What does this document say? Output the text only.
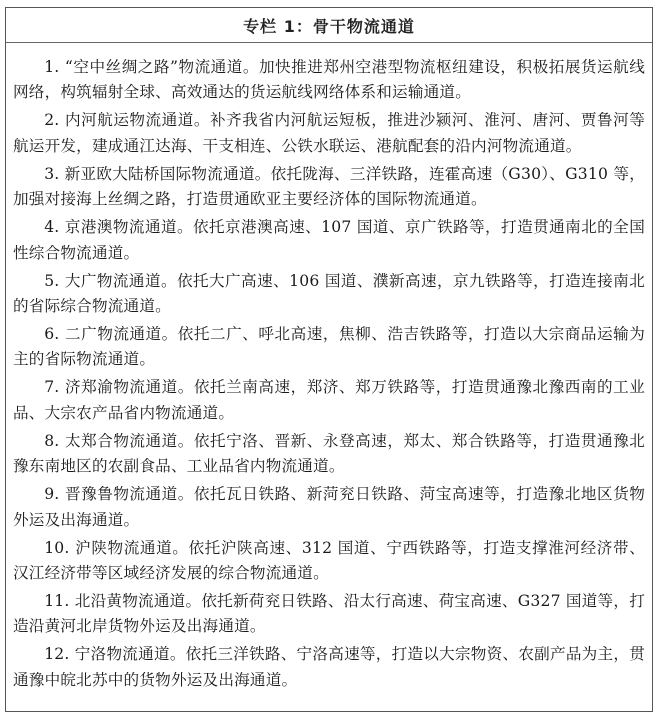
专栏 1：骨干物流通道

1. “空中丝绸之路”物流通道。加快推进郑州空港型物流枢纽建设，积极拓展货运航线网络，构筑辐射全球、高效通达的货运航线网络体系和运输通道。

2. 内河航运物流通道。补齐我省内河航运短板，推进沙颍河、淮河、唐河、贾鲁河等航运开发，建成通江达海、干支相连、公铁水联运、港航配套的沿内河物流通道。

3. 新亚欧大陆桥国际物流通道。依托陇海、三洋铁路，连霍高速（G30）、G310 等，加强对接海上丝绸之路，打造贯通欧亚主要经济体的国际物流通道。

4. 京港澳物流通道。依托京港澳高速、107 国道、京广铁路等，打造贯通南北的全国性综合物流通道。

5. 大广物流通道。依托大广高速、106 国道、濮新高速，京九铁路等，打造连接南北的省际综合物流通道。

6. 二广物流通道。依托二广、呼北高速，焦柳、浩吉铁路等，打造以大宗商品运输为主的省际物流通道。

7. 济郑渝物流通道。依托兰南高速，郑济、郑万铁路等，打造贯通豫北豫西南的工业品、大宗农产品省内物流通道。

8. 太郑合物流通道。依托宁洛、晋新、永登高速，郑太、郑合铁路等，打造贯通豫北豫东南地区的农副食品、工业品省内物流通道。

9. 晋豫鲁物流通道。依托瓦日铁路、新菏兖日铁路、菏宝高速等，打造豫北地区货物外运及出海通道。

10. 沪陕物流通道。依托沪陕高速、312 国道、宁西铁路等，打造支撑淮河经济带、汉江经济带等区域经济发展的综合物流通道。

11. 北沿黄物流通道。依托新荷兖日铁路、沿太行高速、荷宝高速、G327 国道等，打造沿黄河北岸货物外运及出海通道。

12. 宁洛物流通道。依托三洋铁路、宁洛高速等，打造以大宗物资、农副产品为主，贯通豫中皖北苏中的货物外运及出海通道。
